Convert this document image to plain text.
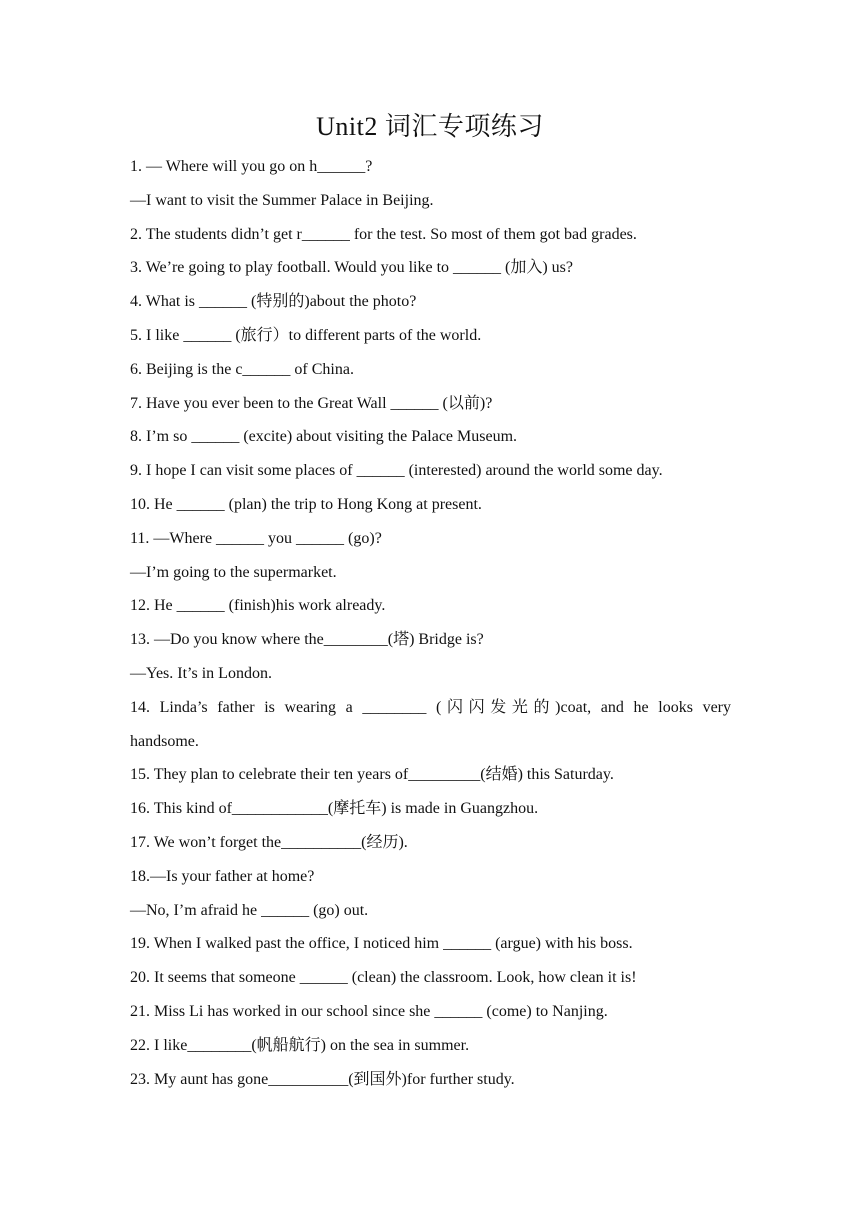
Unit2 词汇专项练习
1. — Where will you go on h______?
—I want to visit the Summer Palace in Beijing.
2. The students didn’t get r______ for the test. So most of them got bad grades.
3. We’re going to play football. Would you like to ______ (加入) us?
4. What is ______ (特别的)about the photo?
5. I like ______ (旅行）to different parts of the world.
6. Beijing is the c______ of China.
7. Have you ever been to the Great Wall ______ (以前)?
8. I’m so ______ (excite) about visiting the Palace Museum.
9. I hope I can visit some places of ______ (interested) around the world some day.
10. He ______ (plan) the trip to Hong Kong at present.
11. —Where ______ you ______ (go)?
—I’m going to the supermarket.
12. He ______ (finish)his work already.
13. —Do you know where the________(塔) Bridge is?
—Yes. It’s in London.
14. Linda’s father is wearing a ________ (闪闪发光的)coat, and he looks very
handsome.
15. They plan to celebrate their ten years of_________(结婚) this Saturday.
16. This kind of____________(摩托车) is made in Guangzhou.
17. We won’t forget the__________(经历).
18.—Is your father at home?
—No, I’m afraid he ______ (go) out.
19. When I walked past the office, I noticed him ______ (argue) with his boss.
20. It seems that someone ______ (clean) the classroom. Look, how clean it is!
21. Miss Li has worked in our school since she ______ (come) to Nanjing.
22. I like________(帆船航行) on the sea in summer.
23. My aunt has gone__________(到国外)for further study.
